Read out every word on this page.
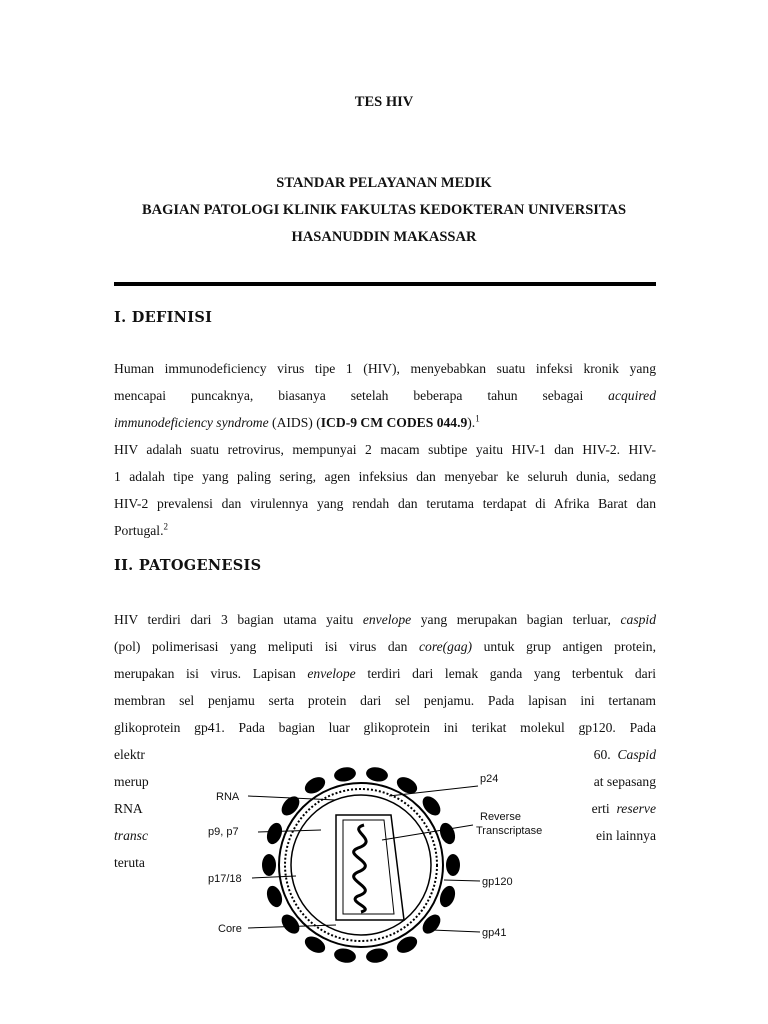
TES HIV
STANDAR PELAYANAN MEDIK
BAGIAN PATOLOGI KLINIK FAKULTAS KEDOKTERAN UNIVERSITAS
HASANUDDIN MAKASSAR
I. DEFINISI
Human immunodeficiency virus tipe 1 (HIV), menyebabkan suatu infeksi kronik yang
mencapai puncaknya, biasanya setelah beberapa tahun sebagai acquired
immunodeficiency syndrome (AIDS) (ICD-9 CM CODES 044.9).$^1$
HIV adalah suatu retrovirus, mempunyai 2 macam subtipe yaitu HIV-1 dan HIV-2. HIV-
1 adalah tipe yang paling sering, agen infeksius dan menyebar ke seluruh dunia, sedang
HIV-2 prevalensi dan virulennya yang rendah dan terutama terdapat di Afrika Barat dan
Portugal.$^2$
II. PATOGENESIS
HIV terdiri dari 3 bagian utama yaitu envelope yang merupakan bagian terluar, caspid
(pol) polimerisasi yang meliputi isi virus dan core(gag) untuk grup antigen protein,
merupakan isi virus. Lapisan envelope terdiri dari lemak ganda yang terbentuk dari
membran sel penjamu serta protein dari sel penjamu. Pada lapisan ini tertanam
glikoprotein gp41. Pada bagian luar glikoprotein ini terikat molekul gp120. Pada
elektr	60. Caspid
merup	at sepasang
RNA	erti reserve
transc	ein lainnya
teruta
RNA
p9, p7
p17/18
Core
p24
Reverse
Transcriptase
gp120
gp41
